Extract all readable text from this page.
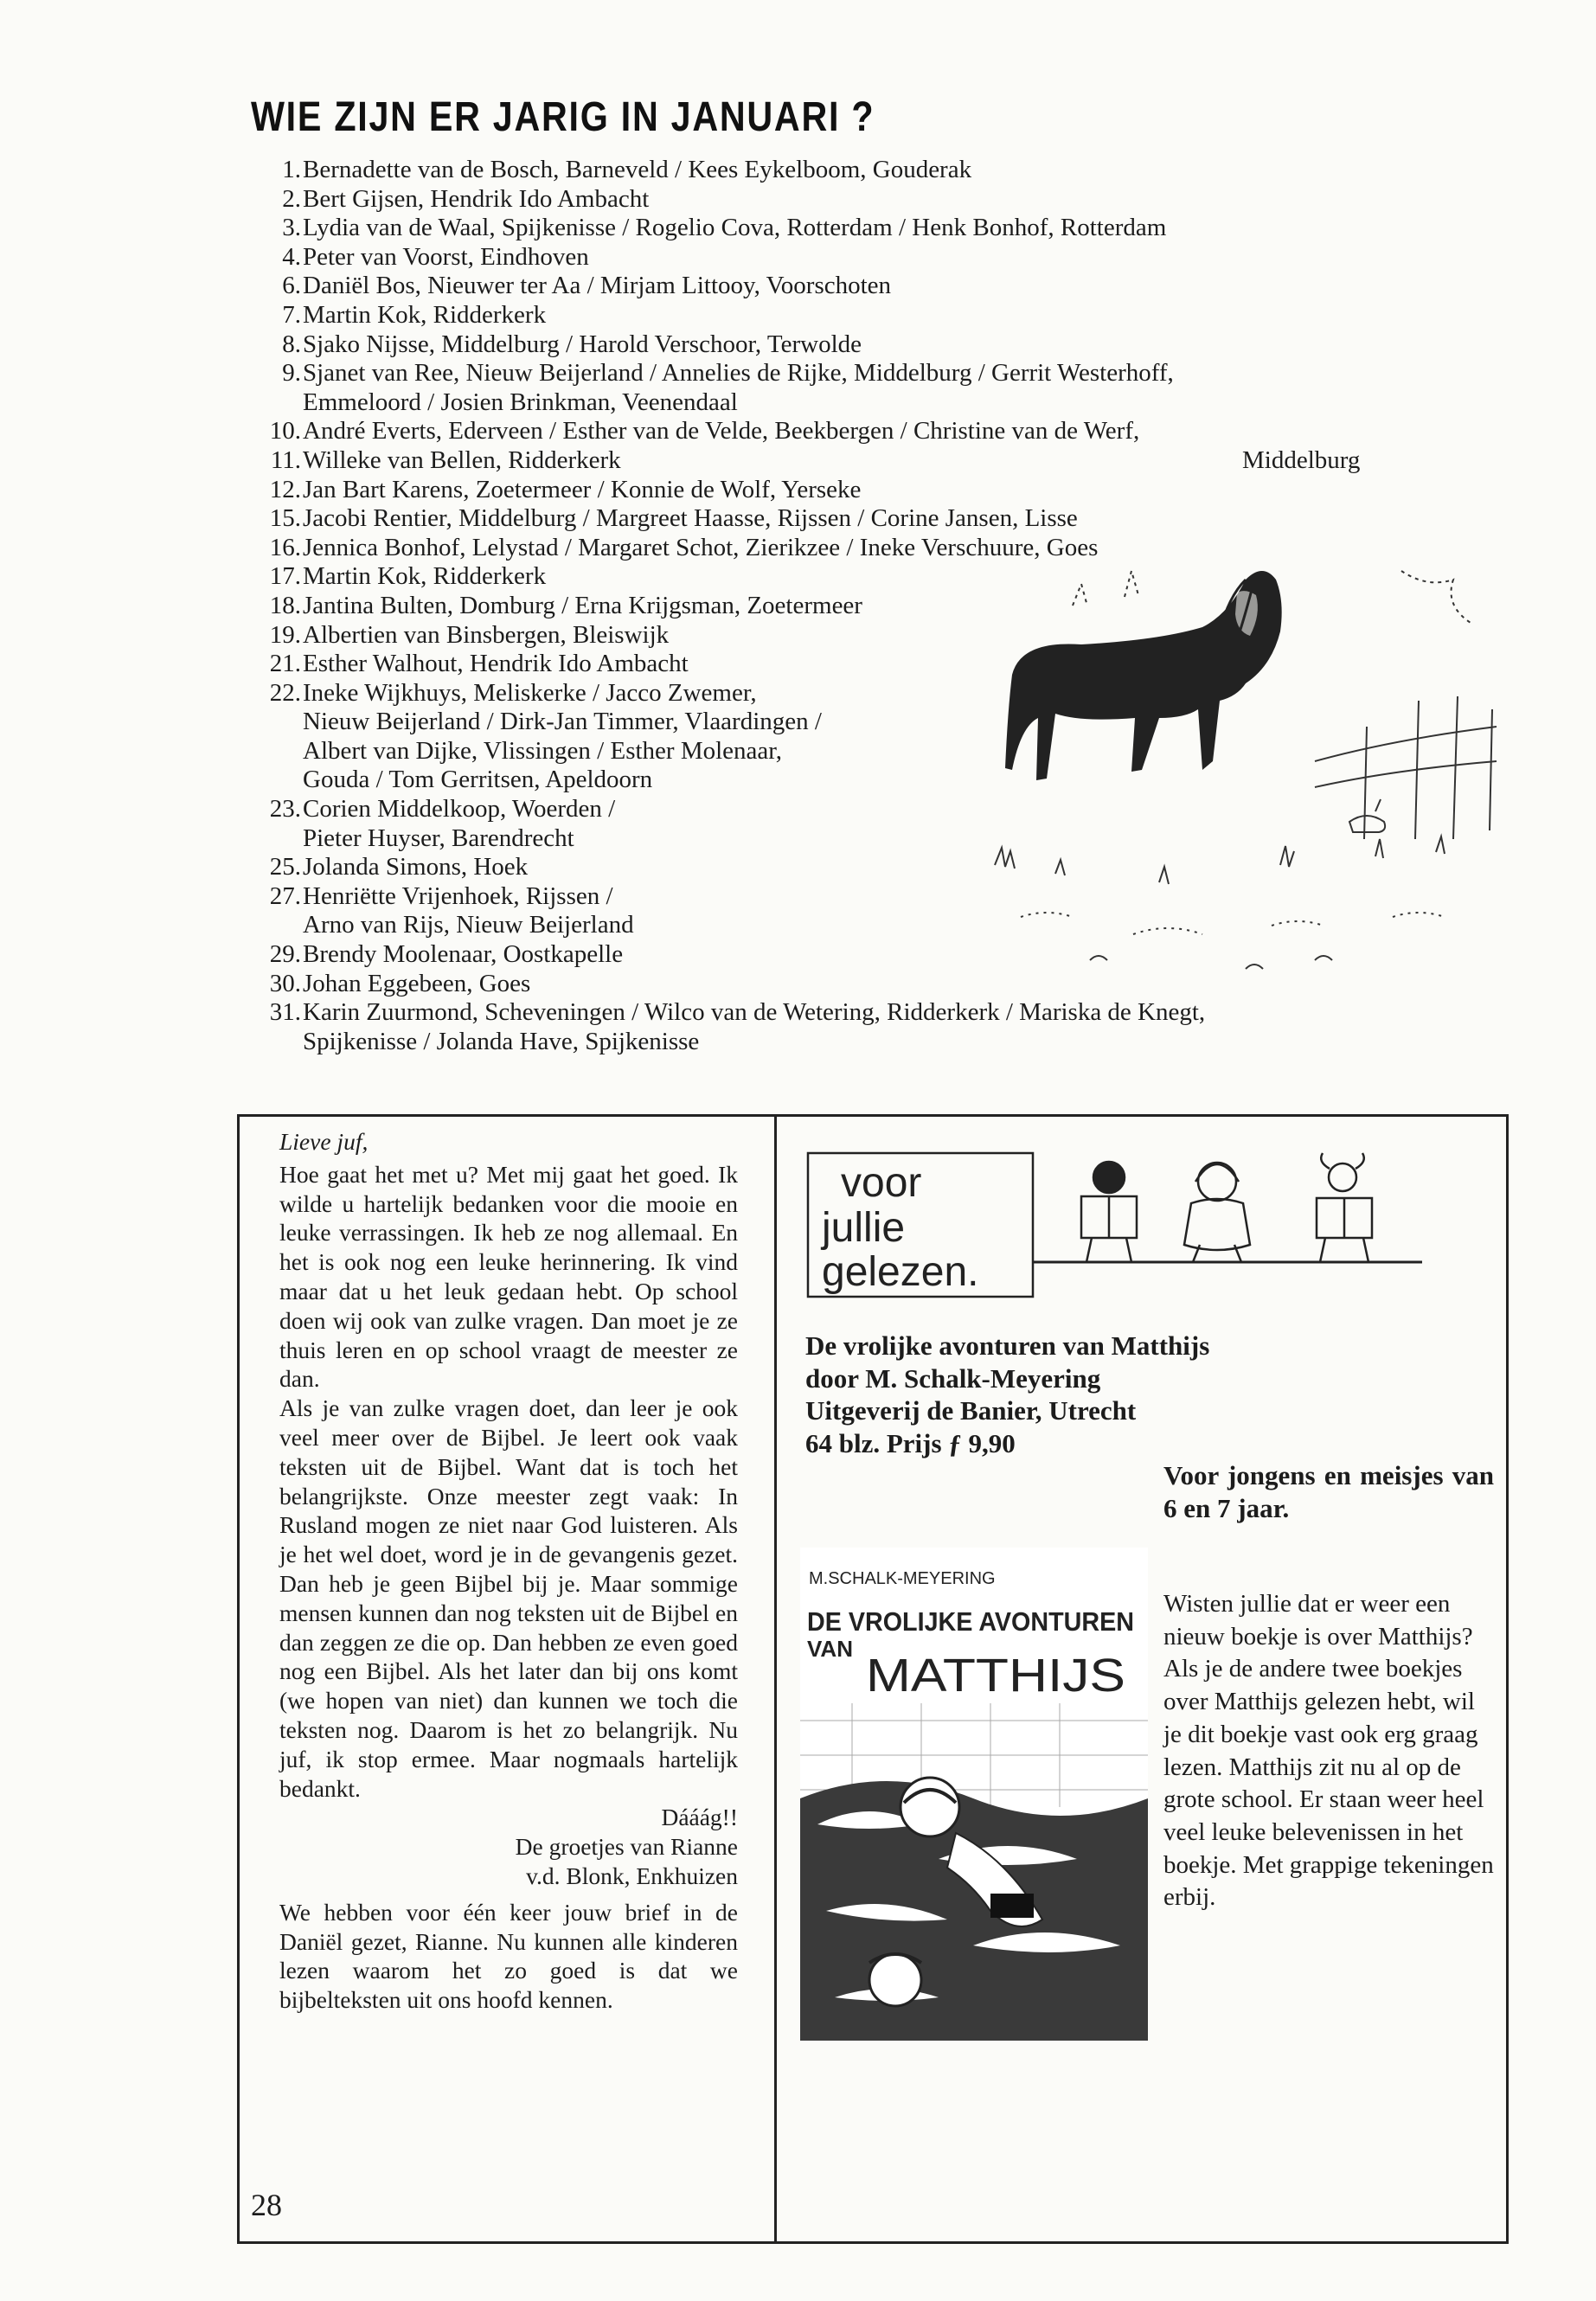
WIE ZIJN ER JARIG IN JANUARI ?
1. Bernadette van de Bosch, Barneveld / Kees Eykelboom, Gouderak
2. Bert Gijsen, Hendrik Ido Ambacht
3. Lydia van de Waal, Spijkenisse / Rogelio Cova, Rotterdam / Henk Bonhof, Rotterdam
4. Peter van Voorst, Eindhoven
6. Daniël Bos, Nieuwer ter Aa / Mirjam Littooy, Voorschoten
7. Martin Kok, Ridderkerk
8. Sjako Nijsse, Middelburg / Harold Verschoor, Terwolde
9. Sjanet van Ree, Nieuw Beijerland / Annelies de Rijke, Middelburg / Gerrit Westerhoff,
Emmeloord / Josien Brinkman, Veenendaal
10. André Everts, Ederveen / Esther van de Velde, Beekbergen / Christine van de Werf,
11. Willeke van Bellen, Ridderkerk	Middelburg
12. Jan Bart Karens, Zoetermeer / Konnie de Wolf, Yerseke
15. Jacobi Rentier, Middelburg / Margreet Haasse, Rijssen / Corine Jansen, Lisse
16. Jennica Bonhof, Lelystad / Margaret Schot, Zierikzee / Ineke Verschuure, Goes
17. Martin Kok, Ridderkerk
18. Jantina Bulten, Domburg / Erna Krijgsman, Zoetermeer
19. Albertien van Binsbergen, Bleiswijk
21. Esther Walhout, Hendrik Ido Ambacht
22. Ineke Wijkhuys, Meliskerke / Jacco Zwemer,
Nieuw Beijerland / Dirk-Jan Timmer, Vlaardingen /
Albert van Dijke, Vlissingen / Esther Molenaar,
Gouda / Tom Gerritsen, Apeldoorn
23. Corien Middelkoop, Woerden /
Pieter Huyser, Barendrecht
25. Jolanda Simons, Hoek
27. Henriëtte Vrijenhoek, Rijssen /
Arno van Rijs, Nieuw Beijerland
29. Brendy Moolenaar, Oostkapelle
30. Johan Eggebeen, Goes
31. Karin Zuurmond, Scheveningen / Wilco van de Wetering, Ridderkerk / Mariska de Knegt,
Spijkenisse / Jolanda Have, Spijkenisse

Lieve juf,

Hoe gaat het met u? Met mij gaat het goed. Ik wilde u hartelijk bedanken voor die mooie en leuke verrassingen. Ik heb ze nog allemaal. En het is ook nog een leuke herinnering. Ik vind maar dat u het leuk gedaan hebt. Op school doen wij ook van zulke vragen. Dan moet je ze thuis leren en op school vraagt de meester ze dan.

Als je van zulke vragen doet, dan leer je ook veel meer over de Bijbel. Je leert ook vaak teksten uit de Bijbel. Want dat is toch het belangrijkste. Onze meester zegt vaak: In Rusland mogen ze niet naar God luisteren. Als je het wel doet, word je in de gevangenis gezet. Dan heb je geen Bijbel bij je. Maar sommige mensen kunnen dan nog teksten uit de Bijbel en dan zeggen ze die op. Dan hebben ze even goed nog een Bijbel. Als het later dan bij ons komt (we hopen van niet) dan kunnen we toch die teksten nog. Daarom is het zo belangrijk. Nu juf, ik stop ermee. Maar nogmaals hartelijk bedankt.

Dááág!!

De groetjes van Rianne

v.d. Blonk, Enkhuizen

We hebben voor één keer jouw brief in de Daniël gezet, Rianne. Nu kunnen alle kinderen lezen waarom het zo goed is dat we bijbelteksten uit ons hoofd kennen.

voor
jullie
gelezen.
De vrolijke avonturen van Matthijs
door M. Schalk-Meyering
Uitgeverij de Banier, Utrecht
64 blz. Prijs ƒ 9,90
M.SCHALK-MEYERING
DE VROLIJKE AVONTUREN
VAN
MATTHIJS
Voor jongens en meisjes van 6 en 7 jaar.
Wisten jullie dat er weer een nieuw boekje is over Matthijs? Als je de andere twee boekjes over Matthijs gelezen hebt, wil je dit boekje vast ook erg graag lezen. Matthijs zit nu al op de grote school. Er staan weer heel veel leuke belevenissen in het boekje. Met grappige tekeningen erbij.
28
